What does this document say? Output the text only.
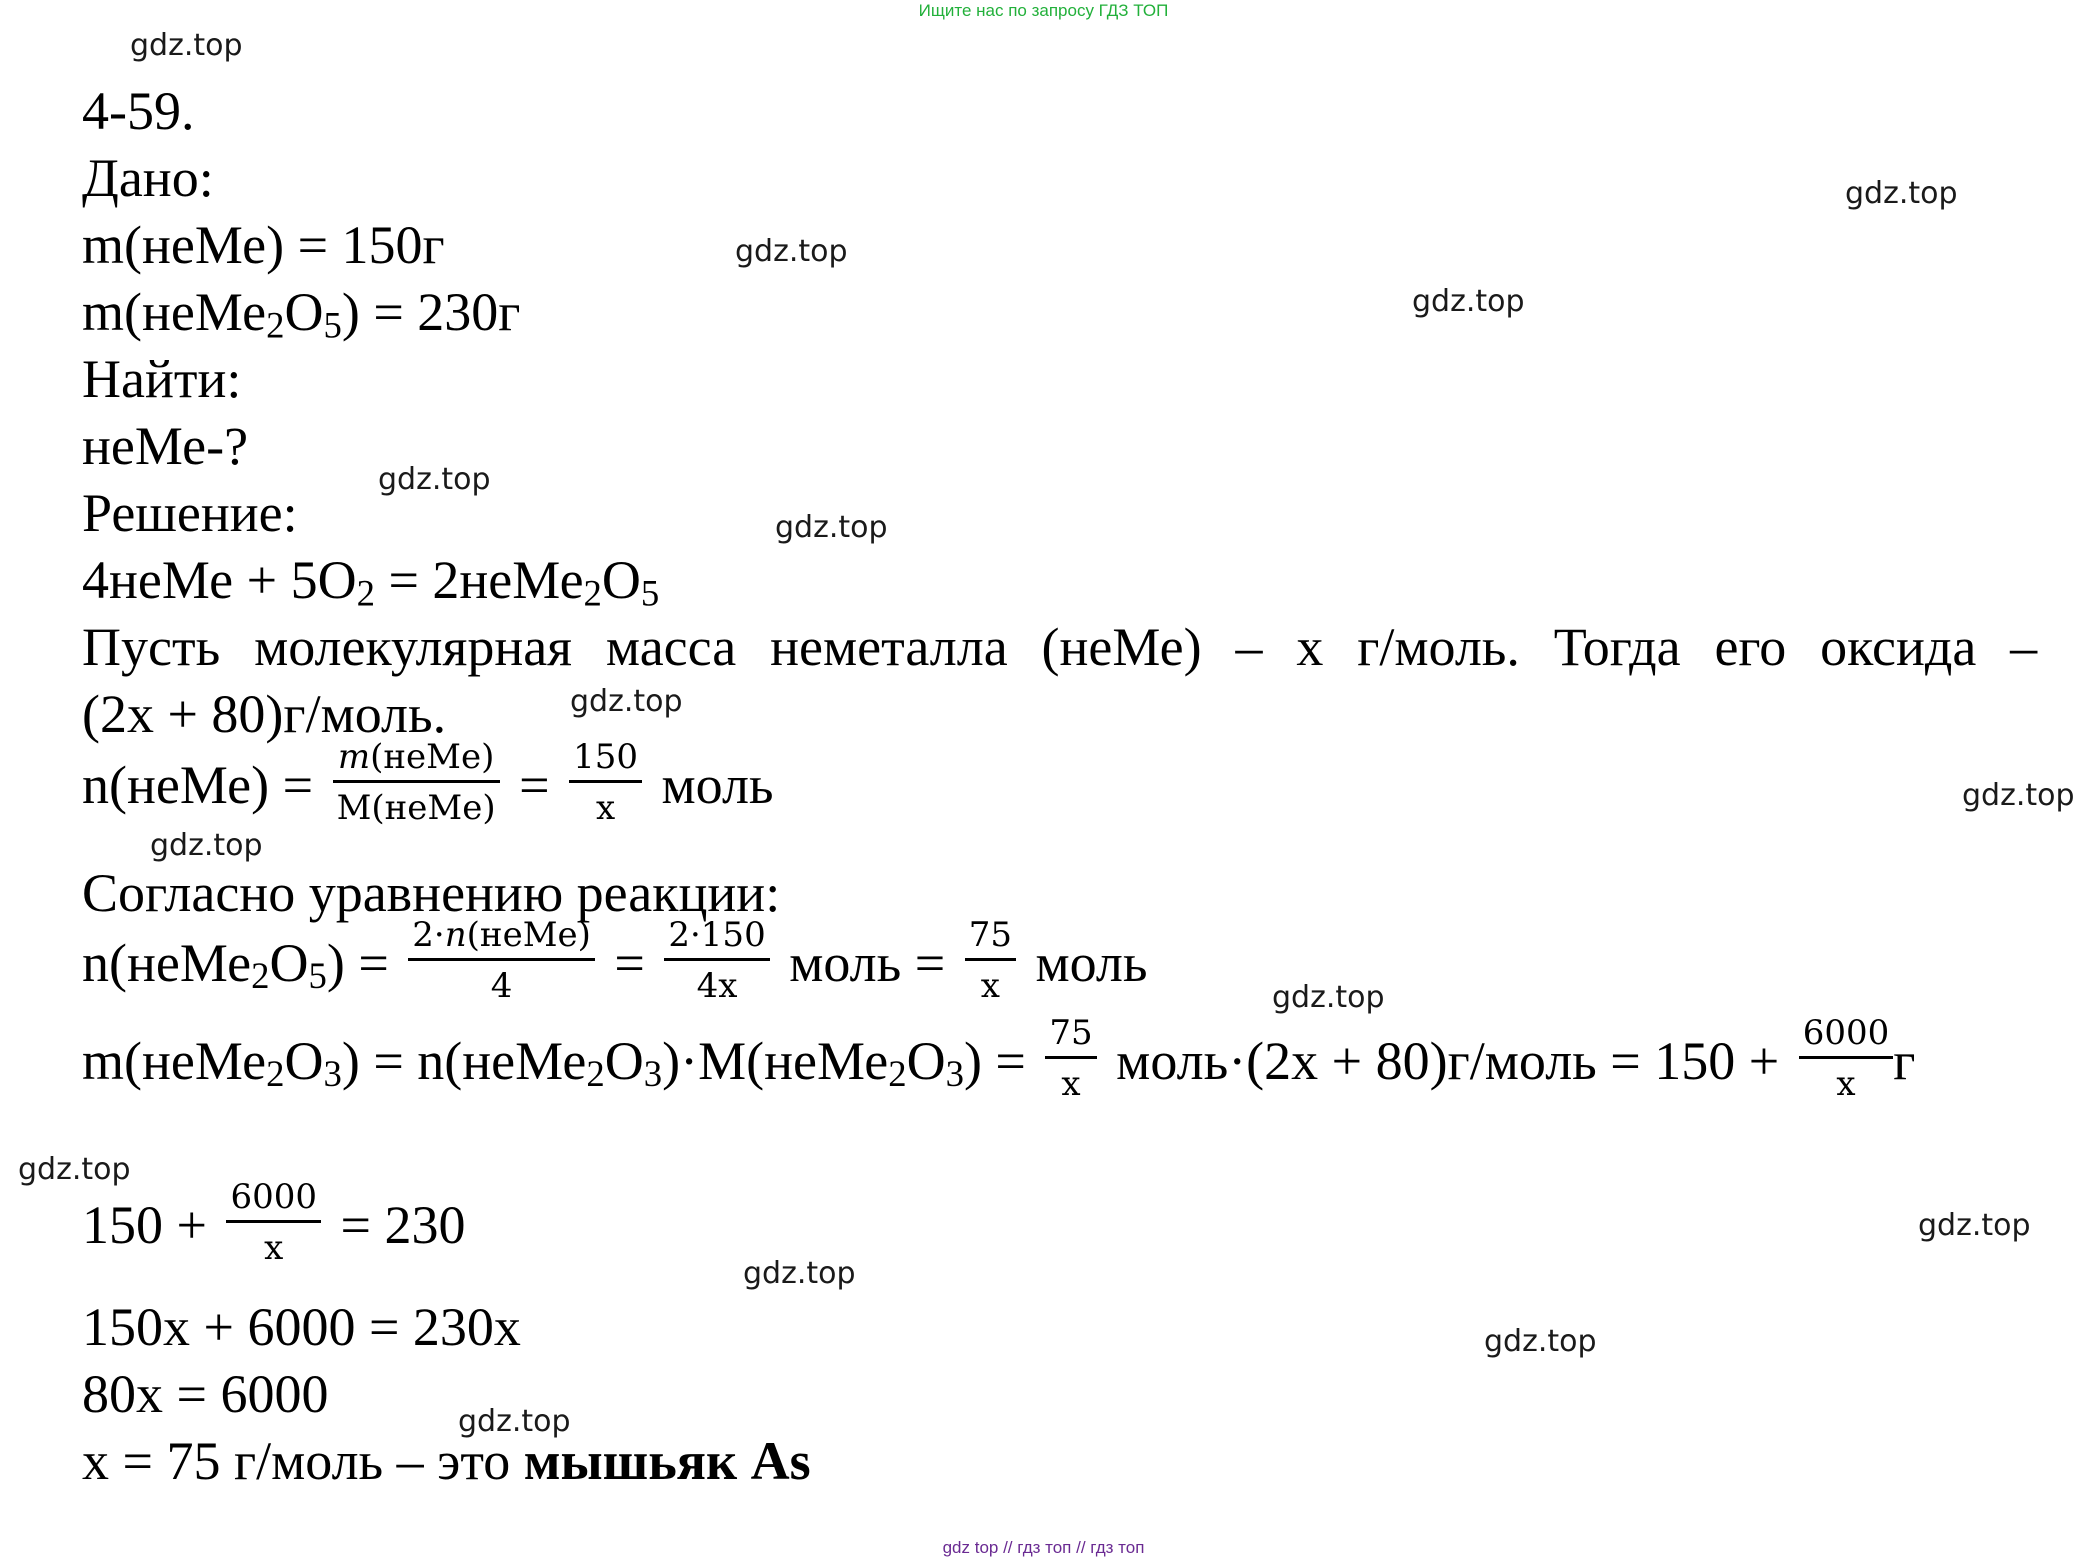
Ищите нас по запросу ГДЗ ТОП
gdz.top
gdz.top
gdz.top
gdz.top
gdz.top
gdz.top
gdz.top
gdz.top
gdz.top
gdz.top
gdz.top
gdz.top
gdz.top
gdz.top
gdz.top
4-59.
Дано:
m(неМе) = 150г
$m(неМе_2O_5) = 230г$
Найти:
неМе-?
Решение:
4неМе + $5O_2$ = $2неМе_2O_5$
Пусть молекулярная масса неметалла (неМе) – x г/моль. Тогда его оксида –
(2x + 80)г/моль.
n(неМе) = $\frac{\text{m(неМе)}}{\text{M(неМе)}} = \frac{150}{x}$ моль
Согласно уравнению реакции:
$n(неМе_2O_5) = \frac{\text{2·n(неМе)}}{4} = \frac{2\cdot 150}{4x}$ моль = $\frac{75}{x}$ моль
$m(неМе_2O_3)$ = $n(неМе_2O_3)\cdot M(неМе_2O_3) = \frac{75}{x}$ моль·(2x + 80)г/моль = $150 + \frac{6000}{x}$ г
$150 + \frac{6000}{x} = 230$
150x + 6000 = 230x
80x = 6000
x = 75 г/моль – это мышьяк As
gdz top // гдз топ // гдз топ
